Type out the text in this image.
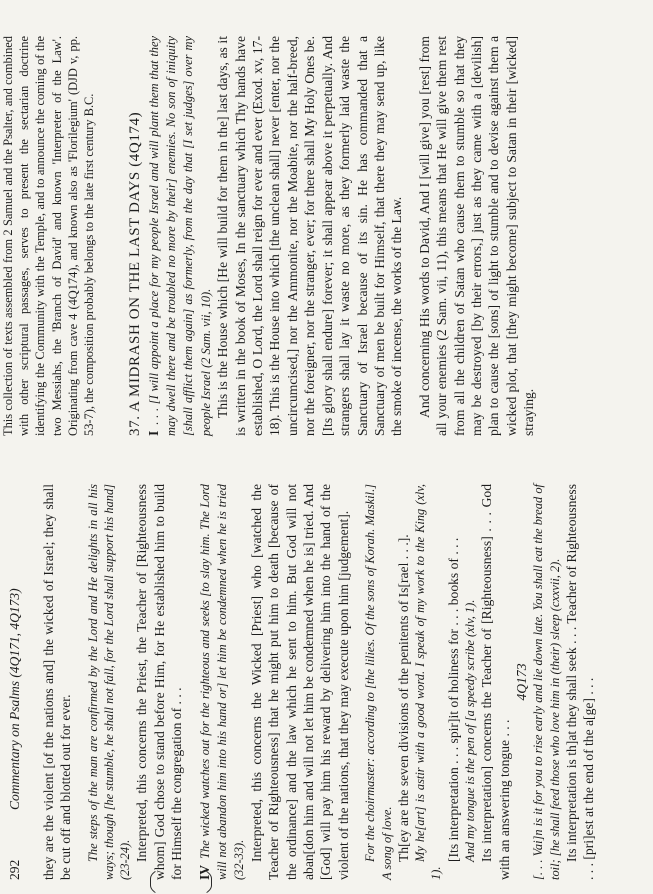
292
Commentary on Psalms (4Q171, 4Q173) they are the violent [of the nations and] the wicked of Israel; they shall be cut off and blotted out for ever. The steps of the man are confirmed by the Lord and He delights in all his ways; though [he stumble, he shall not fall, for the Lord shall support his hand] (23-24). Interpreted, this concerns the Priest, the Teacher of [Righteousness whom] God chose to stand before Him, for He established him to build for Himself the congregation of . . . IVThe wicked watches out for the righteous and seeks [to slay him. The Lord will not abandon him into his hand or] let him be condemned when he is tried (32-33). Interpreted, this concerns the Wicked [Priest] who [watched the Teacher of Righteousness] that he might put him to death [because of the ordinance] and the law which he sent to him. But God will not aban[don him and will not let him be condemned when he is] tried. And [God] will pay him his reward by delivering him into the hand of the violent of the nations, that they may execute upon him [judgement]. For the choirmaster: according to [the lilies. Of the sons of Korah. Maskil.] A song of love. Th[ey are the seven divisions of the penitents of Is[rael . . .]. My he[art] is astir with a good word. I speak of my work to the King (xlv, 1).

[Its interpretation . . . spir]it of holiness for . . . books of . . . And my tongue is the pen of [a speedy scribe (xlv, 1). Its interpretation] concerns the Teacher of [Righteousness] . . . God with an answering tongue . . .

4Q173 [. . . Vai]n is it for you to rise early and lie down late. You shall eat the bread of toil; [he shall feed those who love him in (their) sleep (cxxvii, 2). Its interpretation is th]at they shall seek . . . Teacher of Righteousness . . . [pri]est at the end of the a[ge] . . .

This collection of texts assembled from 2 Samuel and the Psalter, and combined with other scriptural passages, serves to present the sectarian doctrine identifying the Community with the Temple, and to announce the coming of the two Messiahs, the 'Branch of David' and known 'Interpreter of the Law'. Originating from cave 4 (4Q174), and known also as 'Florilegium' (DJD v, pp. 53-7), the composition probably belongs to the late first century B.C. 37. A MIDRASH ON THE LAST DAYS (4Q174) I. . . [I will appoint a place for my people Israel and will plant them that they may dwell there and be troubled no more by their] enemies. No son of iniquity [shall afflict them again] as formerly, from the day that [I set judges] over my people Israel (2 Sam. vii, 10). This is the House which [He will build for them in the] last days, as it is written in the book of Moses, In the sanctuary which Thy hands have established, O Lord, the Lord shall reign for ever and ever (Exod. xv, 17-18). This is the House into which [the unclean shall] never [enter, nor the uncircumcised,] nor the Ammonite, nor the Moabite, nor the half-breed, nor the foreigner, nor the stranger, ever; for there shall My Holy Ones be. [Its glory shall endure] forever; it shall appear above it perpetually. And strangers shall lay it waste no more, as they formerly laid waste the Sanctuary of Israel because of its sin. He has commanded that a Sanctuary of men be built for Himself, that there they may send up, like the smoke of incense, the works of the Law. And concerning His words to David, And I [will give] you [rest] from all your enemies (2 Sam. vii, 11), this means that He will give them rest from all the children of Satan who cause them to stumble so that they may be destroyed [by their errors,] just as they came with a [devilish] plan to cause the [sons] of light to stumble and to devise against them a wicked plot, that [they might become] subject to Satan in their [wicked] straying.
